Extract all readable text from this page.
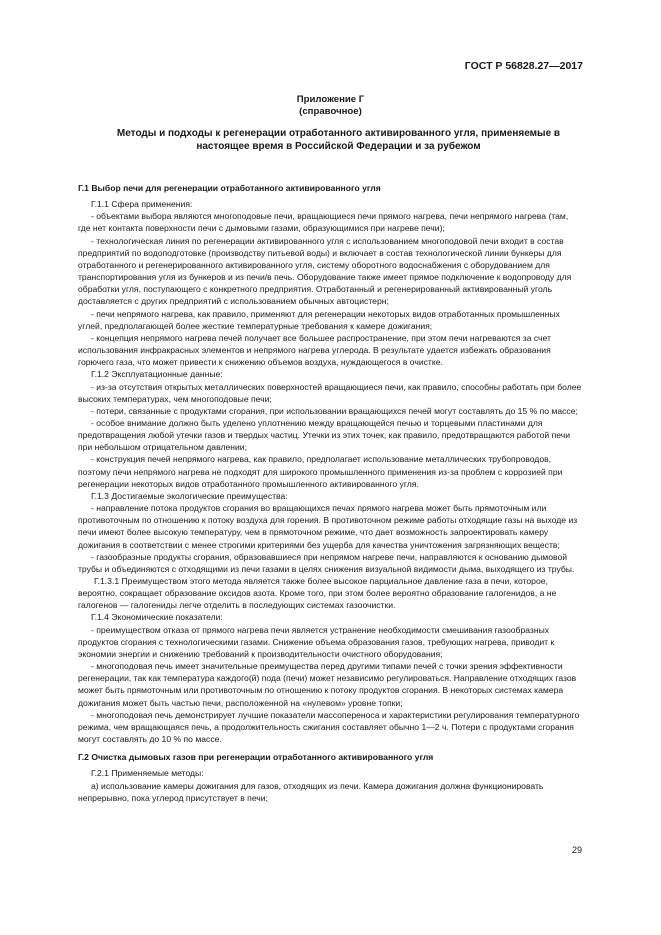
ГОСТ Р 56828.27—2017
Приложение Г
(справочное)
Методы и подходы к регенерации отработанного активированного угля, применяемые в
настоящее время в Российской Федерации и за рубежом

Г.1 Выбор печи для регенерации отработанного активированного угля

Г.1.1 Сфера применения:

- объектами выбора являются многоподовые печи, вращающиеся печи прямого нагрева, печи непрямого нагрева (там, где нет контакта поверхности печи с дымовыми газами, образующимися при нагреве печи);

- технологическая линия по регенерации активированного угля с использованием многоподовой печи входит в состав предприятий по водоподготовке (производству питьевой воды) и включает в состав технологической линии бункеры для отработанного и регенерированного активированного угля, систему оборотного водоснабжения с оборудованием для транспортирования угля из бункеров и из печи/в печь. Оборудование также имеет прямое подключение к водопроводу для обработки угля, поступающего с конкретного предприятия. Отработанный и регенерированный активированный уголь доставляется с других предприятий с использованием обычных автоцистерн;

- печи непрямого нагрева, как правило, применяют для регенерации некоторых видов отработанных промышленных углей, предполагающей более жесткие температурные требования к камере дожигания;

- концепция непрямого нагрева печей получает все большее распространение, при этом печи нагреваются за счет использования инфракрасных элементов и непрямого нагрева углерода. В результате удается избежать образования горючего газа, что может привести к снижению объемов воздуха, нуждающегося в очистке.

Г.1.2 Эксплуатационные данные:

- из-за отсутствия открытых металлических поверхностей вращающиеся печи, как правило, способны работать при более высоких температурах, чем многоподовые печи;

- потери, связанные с продуктами сгорания, при использовании вращающихся печей могут составлять до 15 % по массе;

- особое внимание должно быть уделено уплотнению между вращающейся печью и торцевыми пластинами для предотвращения любой утечки газов и твердых частиц. Утечки из этих точек, как правило, предотвращаются работой печи при небольшом отрицательном давлении;

- конструкция печей непрямого нагрева, как правило, предполагает использование металлических трубопроводов, поэтому печи непрямого нагрева не подходят для широкого промышленного применения из-за проблем с коррозией при регенерации некоторых видов отработанного промышленного активированного угля.

Г.1.3 Достигаемые экологические преимущества:

- направление потока продуктов сгорания во вращающихся печах прямого нагрева может быть прямоточным или противоточным по отношению к потоку воздуха для горения. В противоточном режиме работы отходящие газы на выходе из печи имеют более высокую температуру, чем в прямоточном режиме, что дает возможность запроектировать камеру дожигания в соответствии с менее строгими критериями без ущерба для качества уничтожения загрязняющих веществ;

- газообразные продукты сгорания, образовавшиеся при непрямом нагреве печи, направляются к основанию дымовой трубы и объединяются с отходящими из печи газами в целях снижения визуальной видимости дыма, выходящего из трубы.

Г.1.3.1 Преимуществом этого метода является также более высокое парциальное давление газа в печи, которое, вероятно, сокращает образование оксидов азота. Кроме того, при этом более вероятно образование галогенидов, а не галогенов — галогениды легче отделить в последующих системах газоочистки.

Г.1.4 Экономические показатели:

- преимуществом отказа от прямого нагрева печи является устранение необходимости смешивания газообразных продуктов сгорания с технологическими газами. Снижение объема образования газов, требующих нагрева, приводит к экономии энергии и снижению требований к производительности очистного оборудования;

- многоподовая печь имеет значительные преимущества перед другими типами печей с точки зрения эффективности регенерации, так как температура каждого(й) пода (печи) может независимо регулироваться. Направление отходящих газов может быть прямоточным или противоточным по отношению к потоку продуктов сгорания. В некоторых системах камера дожигания может быть частью печи, расположенной на «нулевом» уровне топки;

- многоподовая печь демонстрирует лучшие показатели массопереноса и характеристики регулирования температурного режима, чем вращающаяся печь, а продолжительность сжигания составляет обычно 1—2 ч. Потери с продуктами сгорания могут составлять до 10 % по массе.

Г.2 Очистка дымовых газов при регенерации отработанного активированного угля

Г.2.1 Применяемые методы:

а) использование камеры дожигания для газов, отходящих из печи. Камера дожигания должна функционировать непрерывно, пока углерод присутствует в печи;

29
